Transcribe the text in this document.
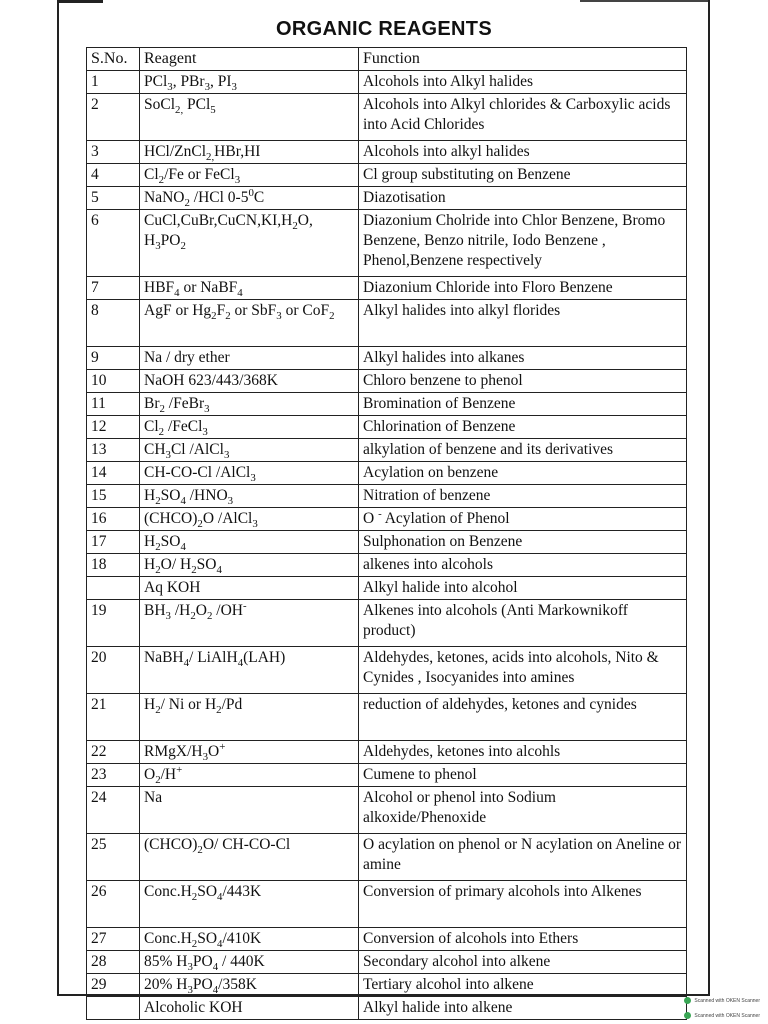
ORGANIC REAGENTS
S.No.	Reagent	Function
1	PCl$_3$, PBr$_3$, $PI_3$	Alcohols into Alkyl halides
2	SoCl$_{2,}$ PCl$_5$	Alcohols into Alkyl chlorides & Carboxylic acids into Acid Chlorides
3	HCl/ZnCl$_{2,}$HBr,HI	Alcohols into alkyl halides
4	$Cl_2/Fe$ or FeCl$_3$	Cl group substituting on Benzene
5	NaNO$_2$ /HCl $0-5^0C$	Diazotisation
6	$CuCl,CuBr,CuCN,KI,H_2O$, $H_3PO_2$	Diazonium Cholride into Chlor Benzene, Bromo Benzene, Benzo nitrile, Iodo Benzene , Phenol,Benzene respectively
7	$HBF_4$ or NaBF$_4$	Diazonium Chloride into Floro Benzene
8	AgF or $Hg_2F_2$ or SbF$_3$ or CoF$_2$	Alkyl halides into alkyl florides
9	Na / dry ether	Alkyl halides into alkanes
10	NaOH 623/443/368K	Chloro benzene to phenol
11	$Br_2$ /FeBr$_3$	Bromination of Benzene
12	$Cl_2$ /FeCl$_3$	Chlorination of Benzene
13	$CH_3Cl$ /AlCl$_3$	alkylation of benzene and its derivatives
14	CH-CO-Cl /AlCl$_3$	Acylation on benzene
15	$H_2SO_4$ $/HNO_3$	Nitration of benzene
16	$(CHCO)_2O$ /AlCl$_3$	O - Acylation of Phenol
17	$H_2SO_4$	Sulphonation on Benzene
18	$H_2O/$ $H_2SO_4$	alkenes into alcohols
	Aq KOH	Alkyl halide into alcohol
19	$BH_3$ $/H_2O_2$ /OH-	Alkenes into alcohols (Anti Markownikoff product)
20	NaBH$_4$/ LiAlH$_4$(LAH)	Aldehydes, ketones, acids into alcohols, Nito & Cynides , Isocyanides into amines
21	$H_2/$ Ni or $H_2/Pd$	reduction of aldehydes, ketones and cynides
22	RMgX/$H_3O^+$	Aldehydes, ketones into alcohls
23	$O_2/H^+$	Cumene to phenol
24	Na	Alcohol or phenol into Sodium alkoxide/Phenoxide
25	$(CHCO)_2O/$ CH-CO-Cl	O acylation on phenol or N acylation on Aneline or amine
26	$Conc.H_2SO_4/443K$	Conversion of primary alcohols into Alkenes
27	$Conc.H_2SO_4/410K$	Conversion of alcohols into Ethers
28	85% $H_3PO_4 / 440K$	Secondary alcohol into alkene
29	20% $H_3PO_4/358K$	Tertiary alcohol into alkene
	Alcoholic KOH	Alkyl halide into alkene	Scanned with OKEN Scanner
Scanned with OKEN Scanner
